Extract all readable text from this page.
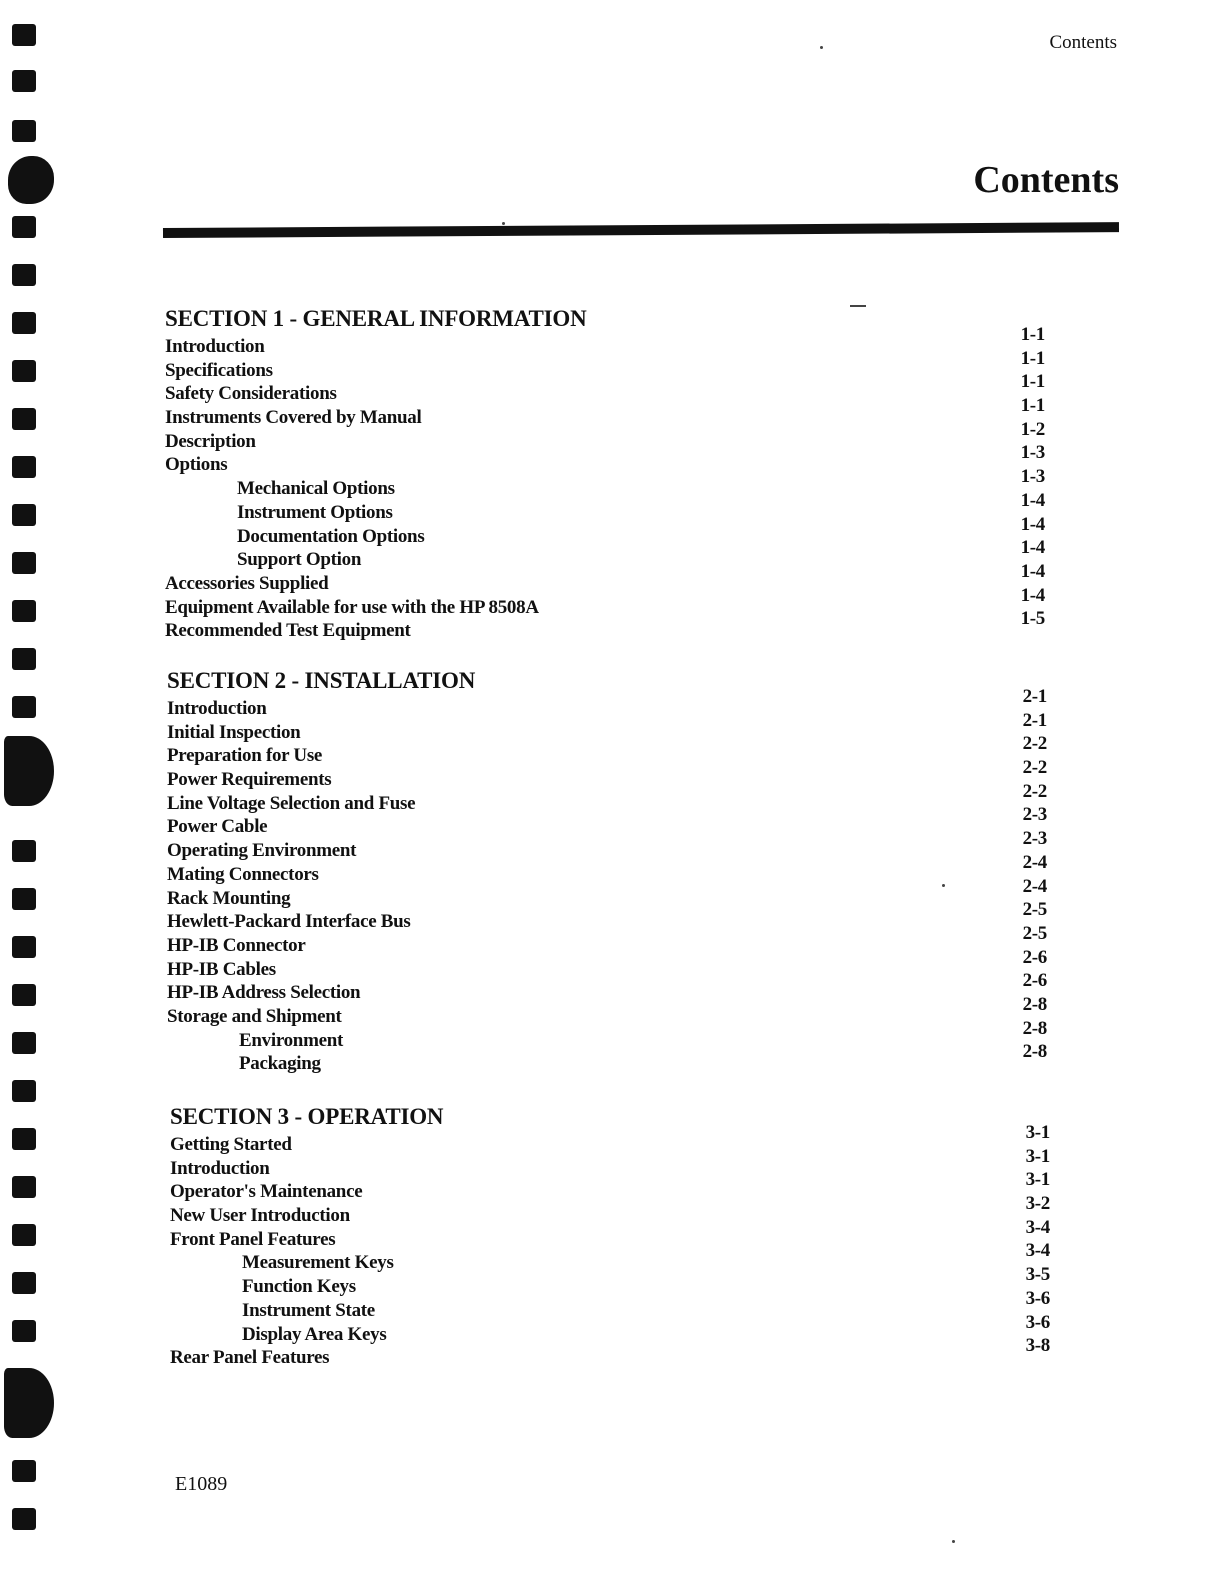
Contents
Contents
SECTION 1 - GENERAL INFORMATION
Introduction
1-1
Specifications
1-1
Safety Considerations
1-1
Instruments Covered by Manual
1-1
Description
1-2
Options
1-3
Mechanical Options
1-3
Instrument Options
1-4
Documentation Options
1-4
Support Option
1-4
Accessories Supplied
1-4
Equipment Available for use with the HP 8508A
1-4
Recommended Test Equipment
1-5
SECTION 2 - INSTALLATION
Introduction
2-1
Initial Inspection
2-1
Preparation for Use
2-2
Power Requirements
2-2
Line Voltage Selection and Fuse
2-2
Power Cable
2-3
Operating Environment
2-3
Mating Connectors
2-4
Rack Mounting
2-4
Hewlett-Packard Interface Bus
2-5
HP-IB Connector
2-5
HP-IB Cables
2-6
HP-IB Address Selection
2-6
Storage and Shipment
2-8
Environment
2-8
Packaging
2-8
SECTION 3 - OPERATION
Getting Started
3-1
Introduction
3-1
Operator's Maintenance
3-1
New User Introduction
3-2
Front Panel Features
3-4
Measurement Keys
3-4
Function Keys
3-5
Instrument State
3-6
Display Area Keys
3-6
Rear Panel Features
3-8
E1089
